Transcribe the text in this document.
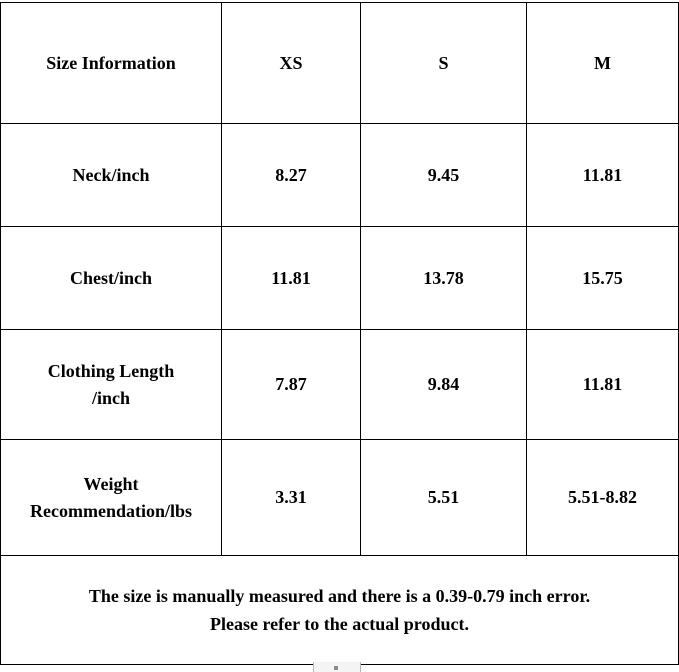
Size Information	XS	S	M
Neck/inch	8.27	9.45	11.81
Chest/inch	11.81	13.78	15.75

Clothing Length
/inch	7.87	9.84	11.81

Weight
Recommendation/lbs	3.31	5.51	5.51-8.82

The size is manually measured and there is a 0.39-0.79 inch error.
Please refer to the actual product.			
